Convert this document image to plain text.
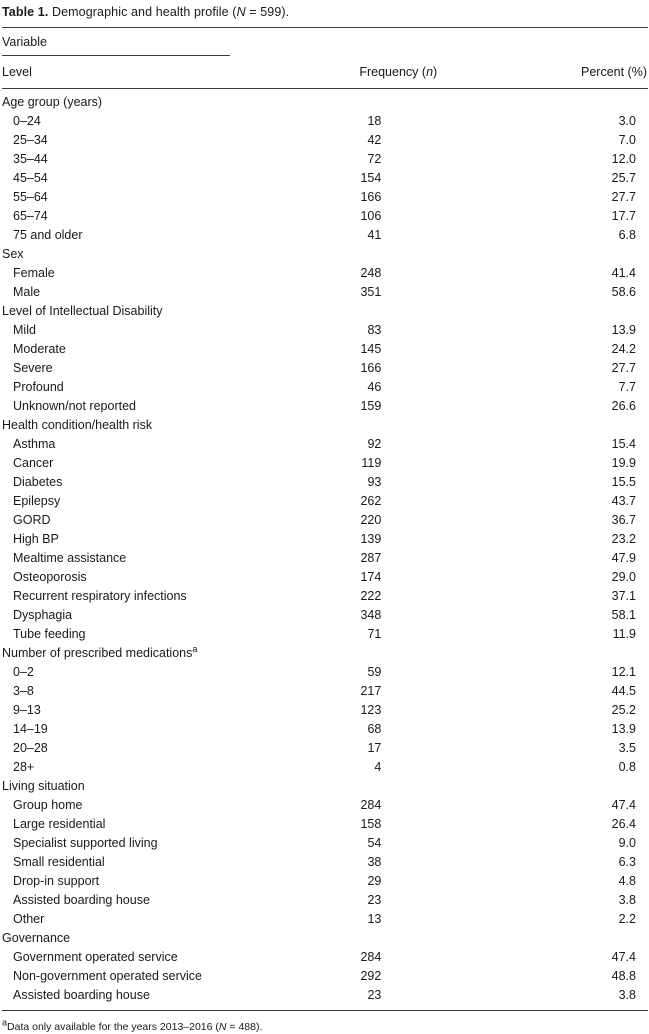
Table 1. Demographic and health profile (N = 599).
Variable		

Level	Frequency (n)	Percent (%)
Age group (years)		
0–24	18	3.0
25–34	42	7.0
35–44	72	12.0
45–54	154	25.7
55–64	166	27.7
65–74	106	17.7
75 and older	41	6.8
Sex		
Female	248	41.4
Male	351	58.6
Level of Intellectual Disability		
Mild	83	13.9
Moderate	145	24.2
Severe	166	27.7
Profound	46	7.7
Unknown/not reported	159	26.6
Health condition/health risk		
Asthma	92	15.4
Cancer	119	19.9
Diabetes	93	15.5
Epilepsy	262	43.7
GORD	220	36.7
High BP	139	23.2
Mealtime assistance	287	47.9
Osteoporosis	174	29.0
Recurrent respiratory infections	222	37.1
Dysphagia	348	58.1
Tube feeding	71	11.9
Number of prescribed medications$^a$
0–2	59	12.1
3–8	217	44.5
9–13	123	25.2
14–19	68	13.9
20–28	17	3.5
28+	4	0.8
Living situation		
Group home	284	47.4
Large residential	158	26.4
Specialist supported living	54	9.0
Small residential	38	6.3
Drop-in support	29	4.8
Assisted boarding house	23	3.8
Other	13	2.2
Governance		
Government operated service	284	47.4
Non-government operated service	292	48.8
Assisted boarding house	23	3.8
$^a$Data only available for the years 2013–2016 (N = 488).
